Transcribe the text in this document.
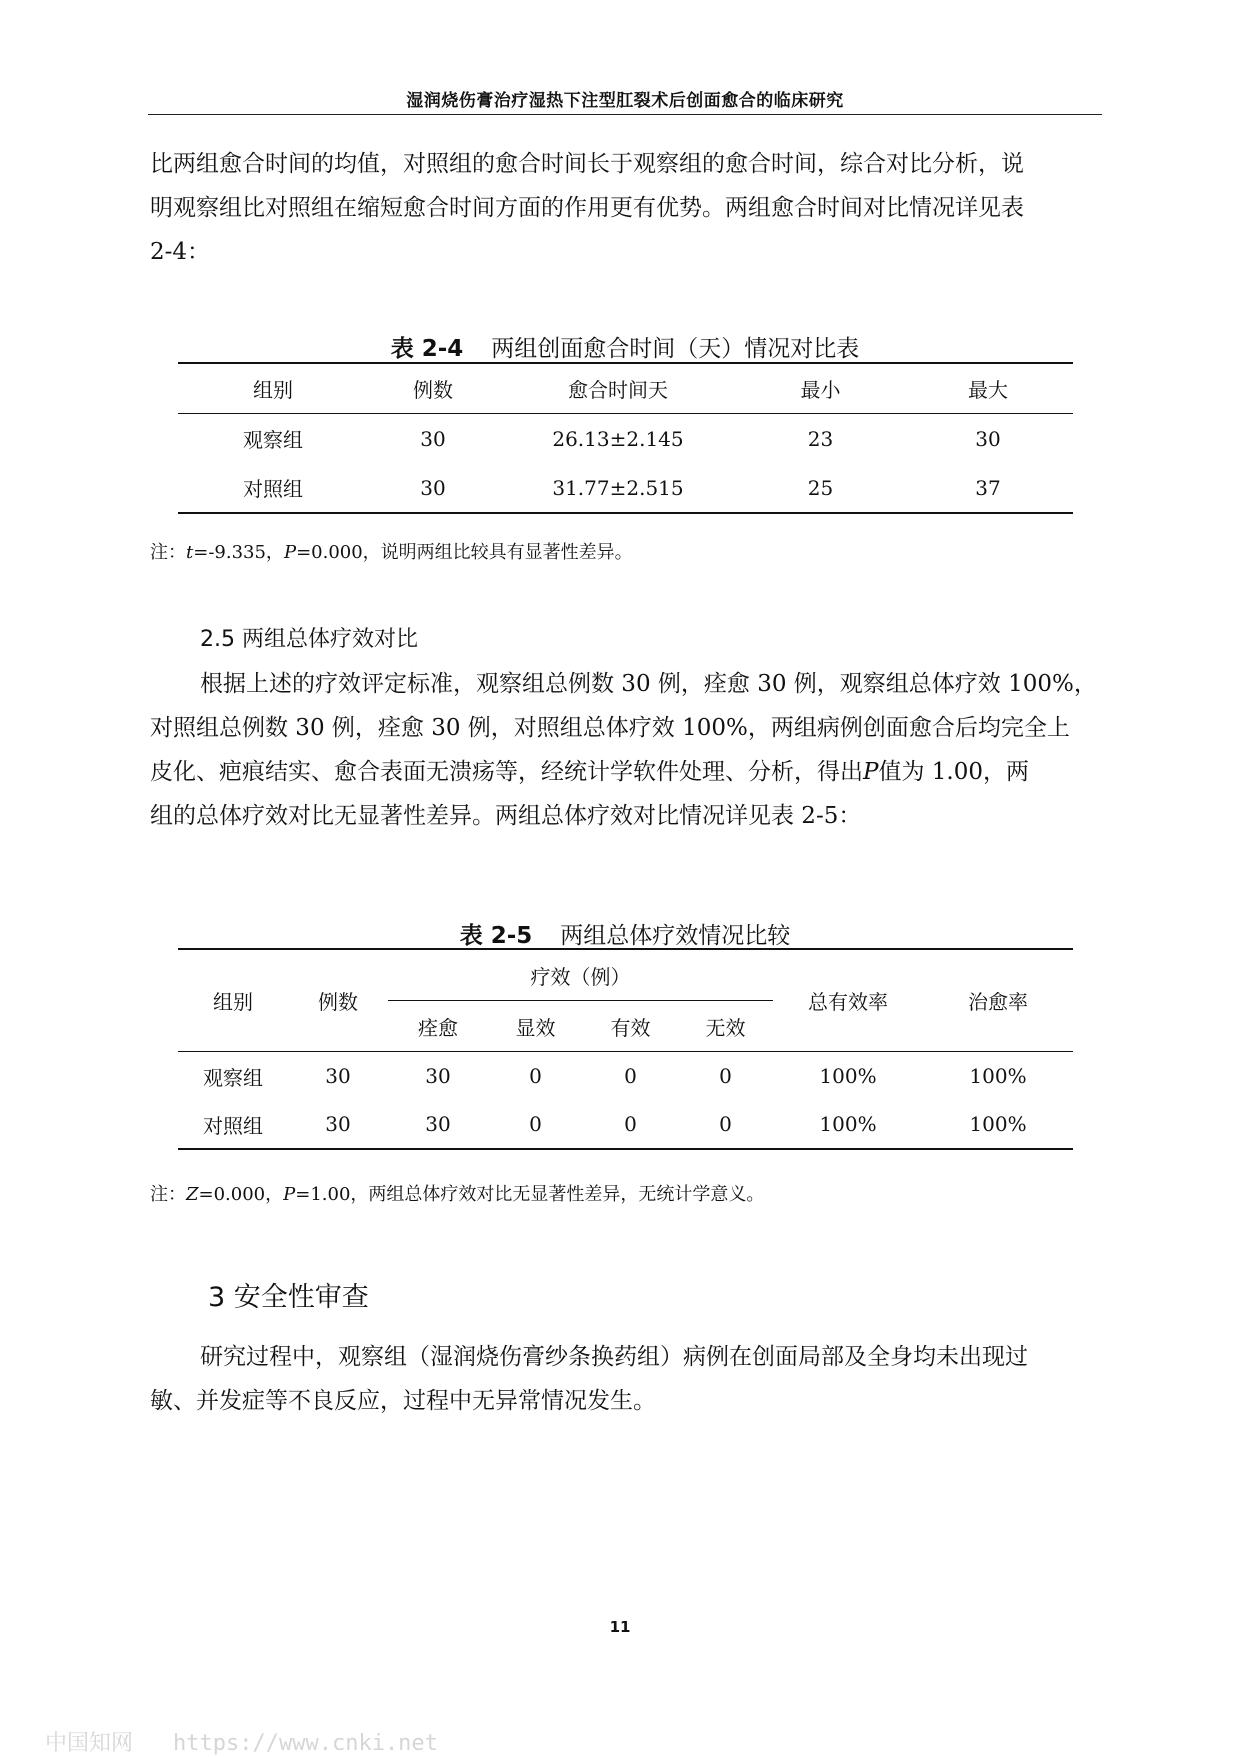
湿润烧伤膏治疗湿热下注型肛裂术后创面愈合的临床研究

比两组愈合时间的均值，对照组的愈合时间长于观察组的愈合时间，综合对比分析，说
明观察组比对照组在缩短愈合时间方面的作用更有优势。两组愈合时间对比情况详见表
2-4：

表 2-4 两组创面愈合时间（天）情况对比表

组别	例数	愈合时间天	最小	最大
观察组	30	26.13±2.145	23	30
对照组	30	31.77±2.515	25	37

注：t=-9.335，P=0.000，说明两组比较具有显著性差异。

2.5 两组总体疗效对比

根据上述的疗效评定标准，观察组总例数 30 例，痊愈 30 例，观察组总体疗效 100%，
对照组总例数 30 例，痊愈 30 例，对照组总体疗效 100%，两组病例创面愈合后均完全上
皮化、疤痕结实、愈合表面无溃疡等，经统计学软件处理、分析，得出P值为 1.00，两
组的总体疗效对比无显著性差异。两组总体疗效对比情况详见表 2-5：

表 2-5 两组总体疗效情况比较

组别	例数	疗效（例）				总有效率	治愈率
		痊愈	显效	有效	无效		
观察组	30	30	0	0	0	100%	100%
对照组	30	30	0	0	0	100%	100%

注：Z=0.000，P=1.00，两组总体疗效对比无显著性差异，无统计学意义。

3 安全性审查

研究过程中，观察组（湿润烧伤膏纱条换药组）病例在创面局部及全身均未出现过
敏、并发症等不良反应，过程中无异常情况发生。

11
中国知网 https://www.cnki.net
